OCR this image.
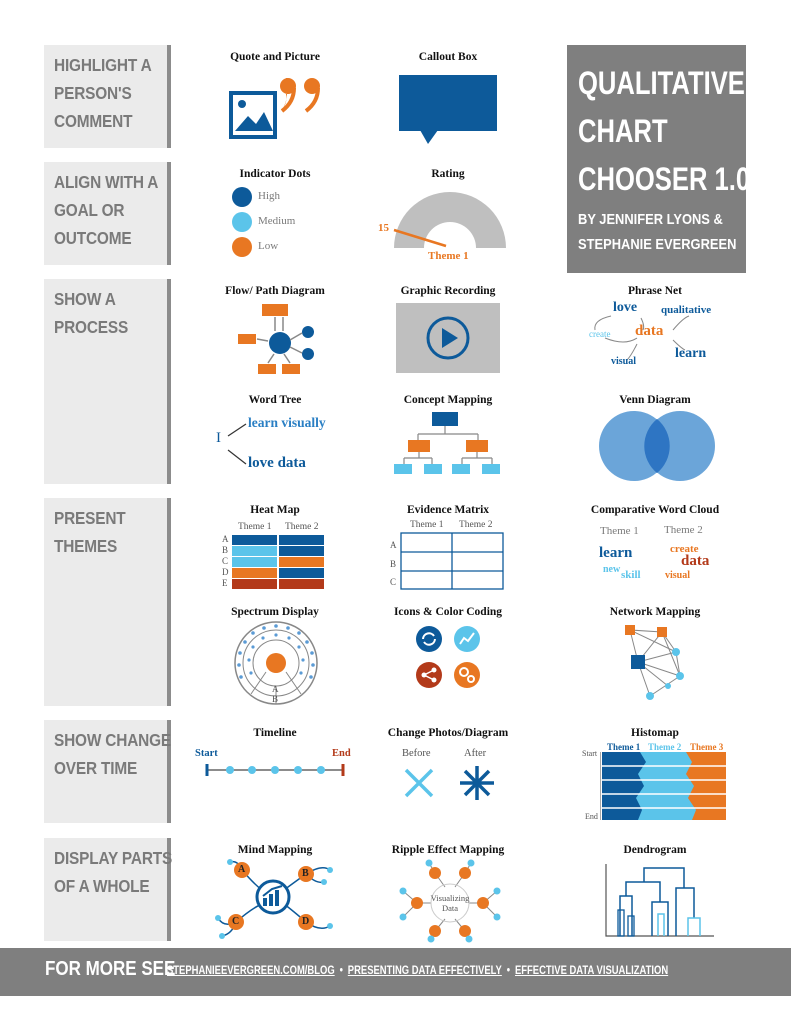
HIGHLIGHT A
PERSON'S
COMMENT
ALIGN WITH A
GOAL OR
OUTCOME
SHOW A
PROCESS
PRESENT
THEMES
SHOW CHANGE
OVER TIME
DISPLAY PARTS
OF A WHOLE
QUALITATIVE
CHART
CHOOSER 1.0
BY JENNIFER LYONS &
STEPHANIE EVERGREEN
Quote and Picture	Callout Box
Indicator Dots
High
Medium
Low
Rating
15
Theme 1
Flow/ Path Diagram	Graphic Recording	Phrase Net
love qualitative
create data
visual
learn
Word Tree
I
learn visually
love data
Concept Mapping	Venn Diagram
Heat Map
Theme 1 Theme 2
A
B
C
D
E
Evidence Matrix
Theme 1 Theme 2
A
B
C
Comparative Word Cloud
Theme 1 Theme 2
learn
new skill
create
data
visual
Spectrum Display
A
B
Icons & Color Coding	Network Mapping
Timeline
Start	End
Change Photos/Diagram
Before	After
Histomap
Theme 1 Theme 2 Theme 3
Start
End
Mind Mapping
A	B
C	D
Ripple Effect Mapping
Visualizing
Data
Dendrogram
FOR MORE SEE
STEPHANIEEVERGREEN.COM/BLOG • PRESENTING DATA EFFECTIVELY • EFFECTIVE DATA VISUALIZATION
